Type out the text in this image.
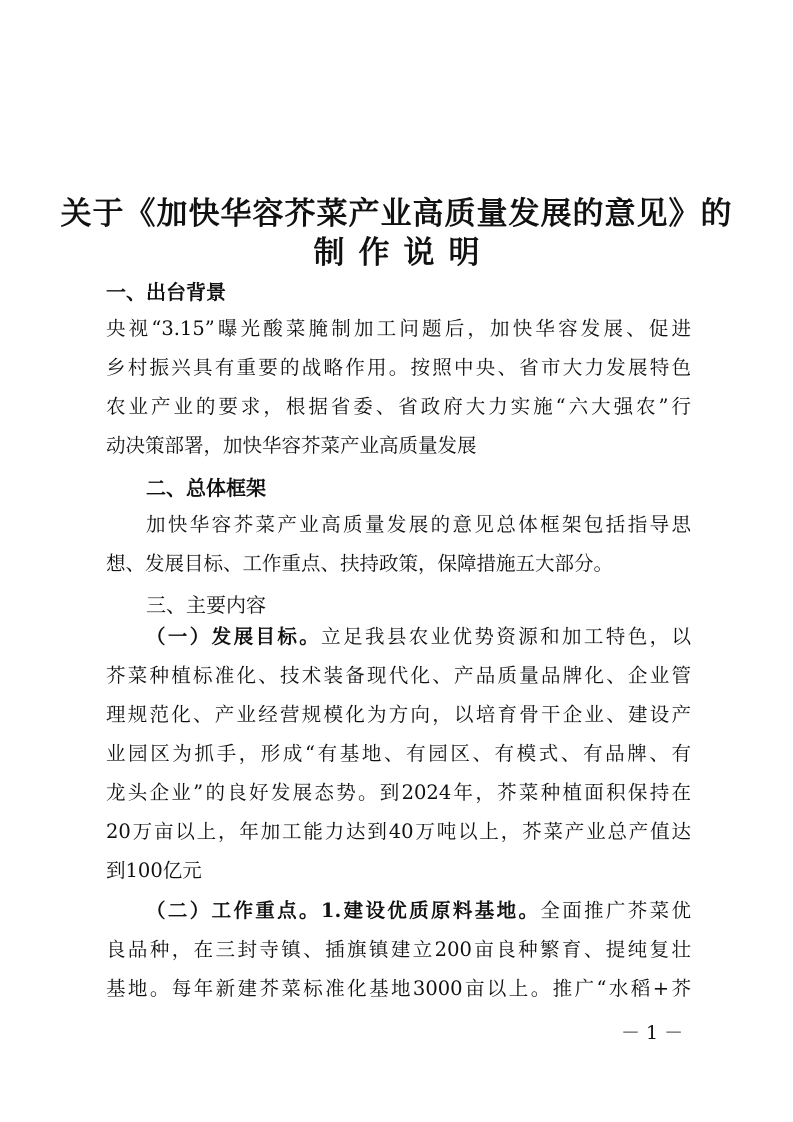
关于《加快华容芥菜产业高质量发展的意见》的
制作说明
一、出台背景
央视“3.15”曝光酸菜腌制加工问题后，加快华容发展、促进
乡村振兴具有重要的战略作用。按照中央、省市大力发展特色
农业产业的要求，根据省委、省政府大力实施“六大强农”行
动决策部署，加快华容芥菜产业高质量发展
二、总体框架
加快华容芥菜产业高质量发展的意见总体框架包括指导思
想、发展目标、工作重点、扶持政策，保障措施五大部分。
三、主要内容
（一）发展目标。立足我县农业优势资源和加工特色，以
芥菜种植标准化、技术装备现代化、产品质量品牌化、企业管
理规范化、产业经营规模化为方向，以培育骨干企业、建设产
业园区为抓手，形成“有基地、有园区、有模式、有品牌、有
龙头企业”的良好发展态势。到2024年，芥菜种植面积保持在
20万亩以上，年加工能力达到40万吨以上，芥菜产业总产值达
到100亿元
（二）工作重点。1.建设优质原料基地。全面推广芥菜优
良品种，在三封寺镇、插旗镇建立200亩良种繁育、提纯复壮
基地。每年新建芥菜标准化基地3000亩以上。推广“水稻+芥
－ 1 －
